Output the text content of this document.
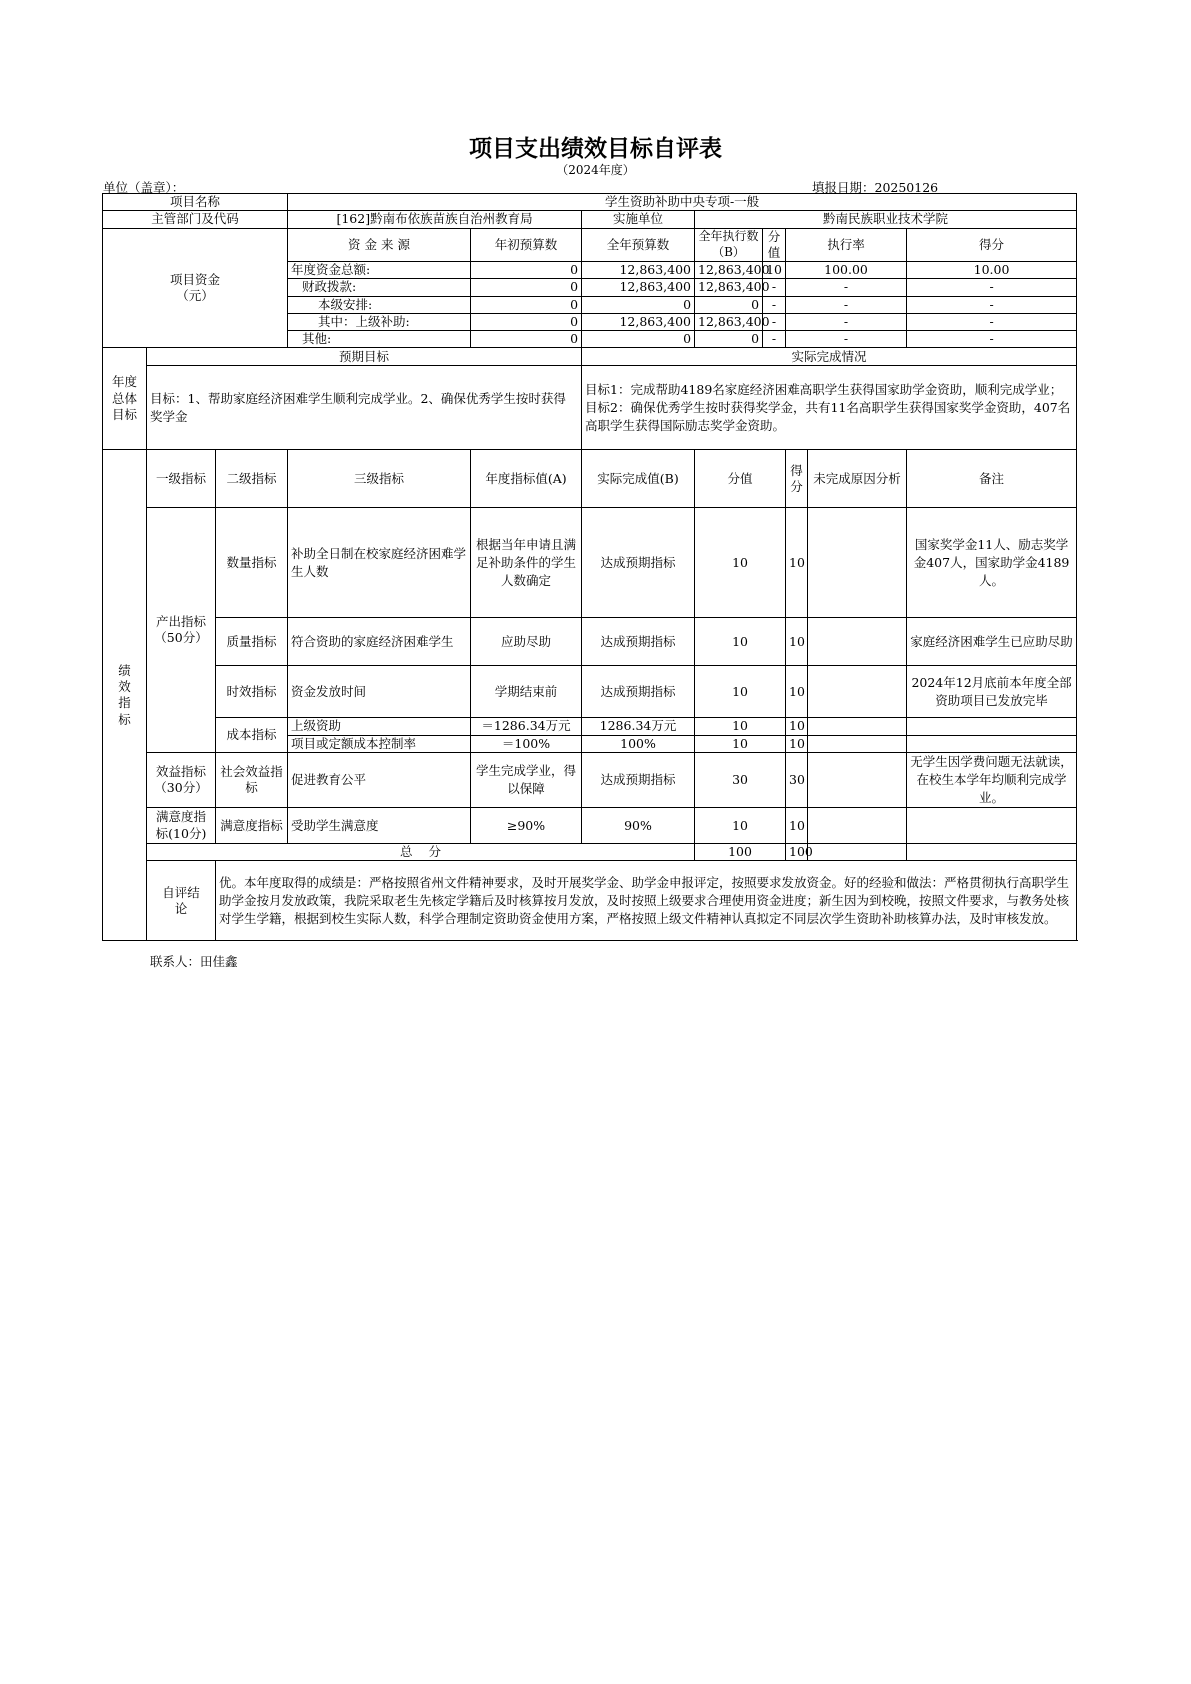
项目支出绩效目标自评表
（2024年度）
单位（盖章）：	填报日期：20250126
项目名称			学生资助补助中央专项-一般							
主管部门及代码			[162]黔南布依族苗族自治州教育局		实施单位	黔南民族职业技术学院				

项目资金
（元）			资 金 来 源	年初预算数	全年预算数	全年执行数（B）	分值	执行率		得分
			年度资金总额:	0	12,863,400	12,863,400	10	100.00		10.00
			财政拨款:	0	12,863,400	12,863,400	-	-		-
			本级安排:	0	0	0	-	-		-
			其中：上级补助:	0	12,863,400	12,863,400	-	-		-
			其他:	0	0	0	-	-		-
年度总体目标	预期目标				实际完成情况					
	目标：1、帮助家庭经济困难学生顺利完成学业。2、确保优秀学生按时获得奖学金				目标1：完成帮助4189名家庭经济困难高职学生获得国家助学金资助，顺利完成学业；目标2：确保优秀学生按时获得奖学金，共有11名高职学生获得国家奖学金资助，407名高职学生获得国际励志奖学金资助。					
绩效指标	一级指标	二级指标	三级指标	年度指标值(A)	实际完成值(B)	分值		得分	未完成原因分析	备注
	产出指标（50分）	数量指标	补助全日制在校家庭经济困难学生人数	根据当年申请且满足补助条件的学生人数确定	达成预期指标	10		10		国家奖学金11人、励志奖学金407人，国家助学金4189人。
		质量指标	符合资助的家庭经济困难学生	应助尽助	达成预期指标	10		10		家庭经济困难学生已应助尽助
		时效指标	资金发放时间	学期结束前	达成预期指标	10		10		2024年12月底前本年度全部资助项目已发放完毕
		成本指标	上级资助	＝1286.34万元	1286.34万元	10		10		
			项目或定额成本控制率	＝100%	100%	10		10		
	效益指标（30分）	社会效益指标	促进教育公平	学生完成学业，得以保障	达成预期指标	30		30		无学生因学费问题无法就读，在校生本学年均顺利完成学业。
	满意度指标(10分)	满意度指标	受助学生满意度	≥90%	90%	10		10		
	总    分					100		100		
	自评结论	优。本年度取得的成绩是：严格按照省州文件精神要求，及时开展奖学金、助学金申报评定，按照要求发放资金。好的经验和做法：严格贯彻执行高职学生助学金按月发放政策，我院采取老生先核定学籍后及时核算按月发放，及时按照上级要求合理使用资金进度；新生因为到校晚，按照文件要求，与教务处核对学生学籍，根据到校生实际人数，科学合理制定资助资金使用方案，严格按照上级文件精神认真拟定不同层次学生资助补助核算办法，及时审核发放。								
联系人：田佳鑫
